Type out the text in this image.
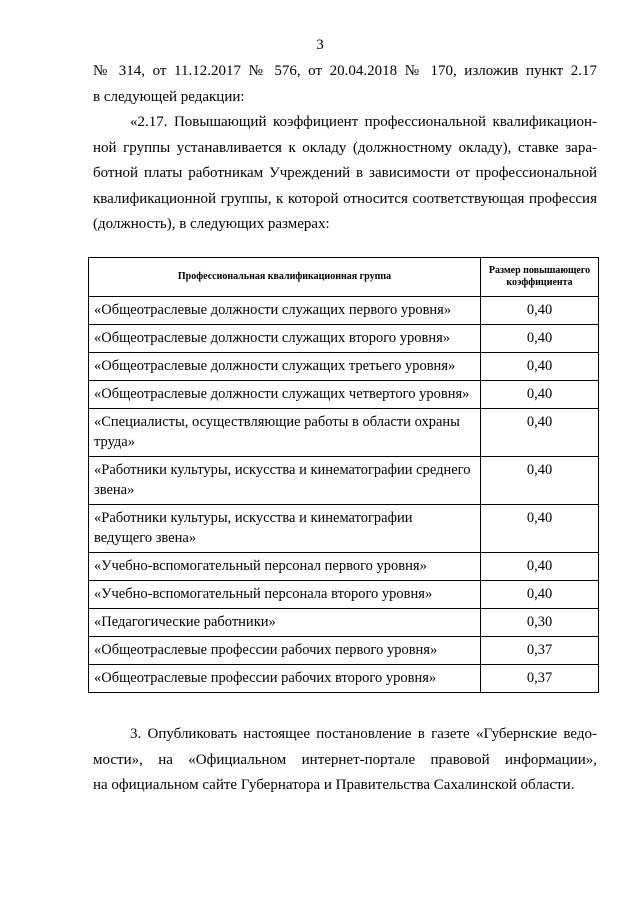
3
№ 314, от 11.12.2017 № 576, от 20.04.2018 № 170, изложив пункт 2.17
в следующей редакции:
«2.17. Повышающий коэффициент профессиональной квалификацион-
ной группы устанавливается к окладу (должностному окладу), ставке зара-
ботной платы работникам Учреждений в зависимости от профессиональной
квалификационной группы, к которой относится соответствующая профессия
(должность), в следующих размерах:
Профессиональная квалификационная группа	Размер повышающего коэффициента
«Общеотраслевые должности служащих первого уровня»	0,40
«Общеотраслевые должности служащих второго уровня»	0,40
«Общеотраслевые должности служащих третьего уровня»	0,40
«Общеотраслевые должности служащих четвертого уровня»	0,40
«Специалисты, осуществляющие работы в области охраны труда»	0,40
«Работники культуры, искусства и кинематографии среднего звена»	0,40
«Работники культуры, искусства и кинематографии ведущего звена»	0,40
«Учебно-вспомогательный персонал первого уровня»	0,40
«Учебно-вспомогательный персонала второго уровня»	0,40
«Педагогические работники»	0,30
«Общеотраслевые профессии рабочих первого уровня»	0,37
«Общеотраслевые профессии рабочих второго уровня»	0,37
3. Опубликовать настоящее постановление в газете «Губернские ведо-
мости», на «Официальном интернет-портале правовой информации»,
на официальном сайте Губернатора и Правительства Сахалинской области.
